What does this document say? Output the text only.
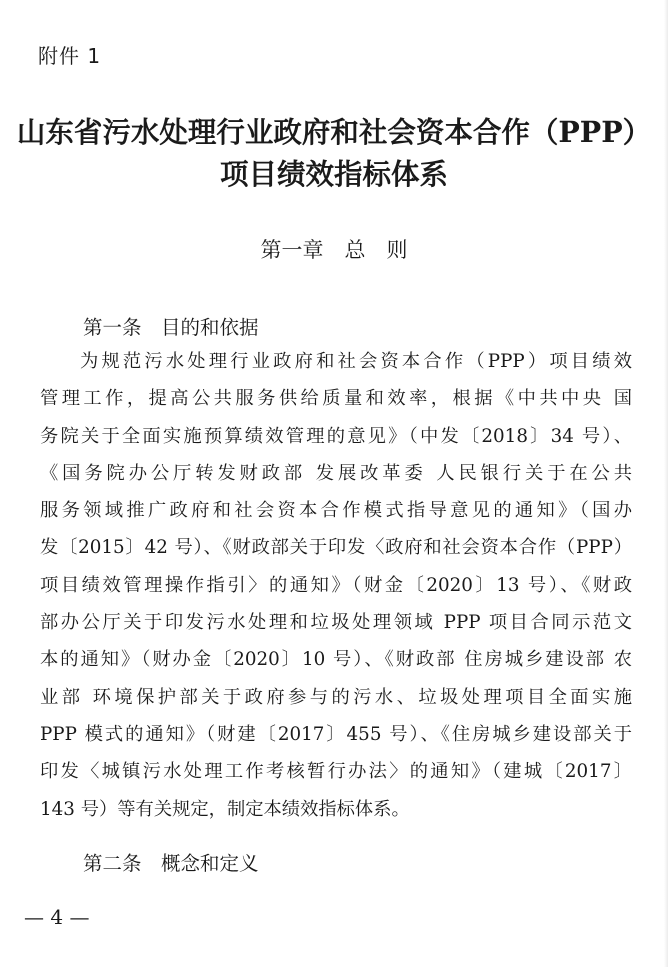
附件 1
山东省污水处理行业政府和社会资本合作（PPP）
项目绩效指标体系
第一章　总　则
第一条　目的和依据
为规范污水处理行业政府和社会资本合作（PPP）项目绩效
管理工作，提高公共服务供给质量和效率，根据《中共中央 国
务院关于全面实施预算绩效管理的意见》（中发〔2018〕34 号）、
《国务院办公厅转发财政部 发展改革委 人民银行关于在公共
服务领域推广政府和社会资本合作模式指导意见的通知》（国办
发〔2015〕42 号）、《财政部关于印发〈政府和社会资本合作（PPP）
项目绩效管理操作指引〉的通知》（财金〔2020〕13 号）、《财政
部办公厅关于印发污水处理和垃圾处理领域 PPP 项目合同示范文
本的通知》（财办金〔2020〕10 号）、《财政部 住房城乡建设部 农
业部 环境保护部关于政府参与的污水、垃圾处理项目全面实施
PPP 模式的通知》（财建〔2017〕455 号）、《住房城乡建设部关于
印发〈城镇污水处理工作考核暂行办法〉的通知》（建城〔2017〕
143 号）等有关规定，制定本绩效指标体系。
第二条　概念和定义
— 4 —
